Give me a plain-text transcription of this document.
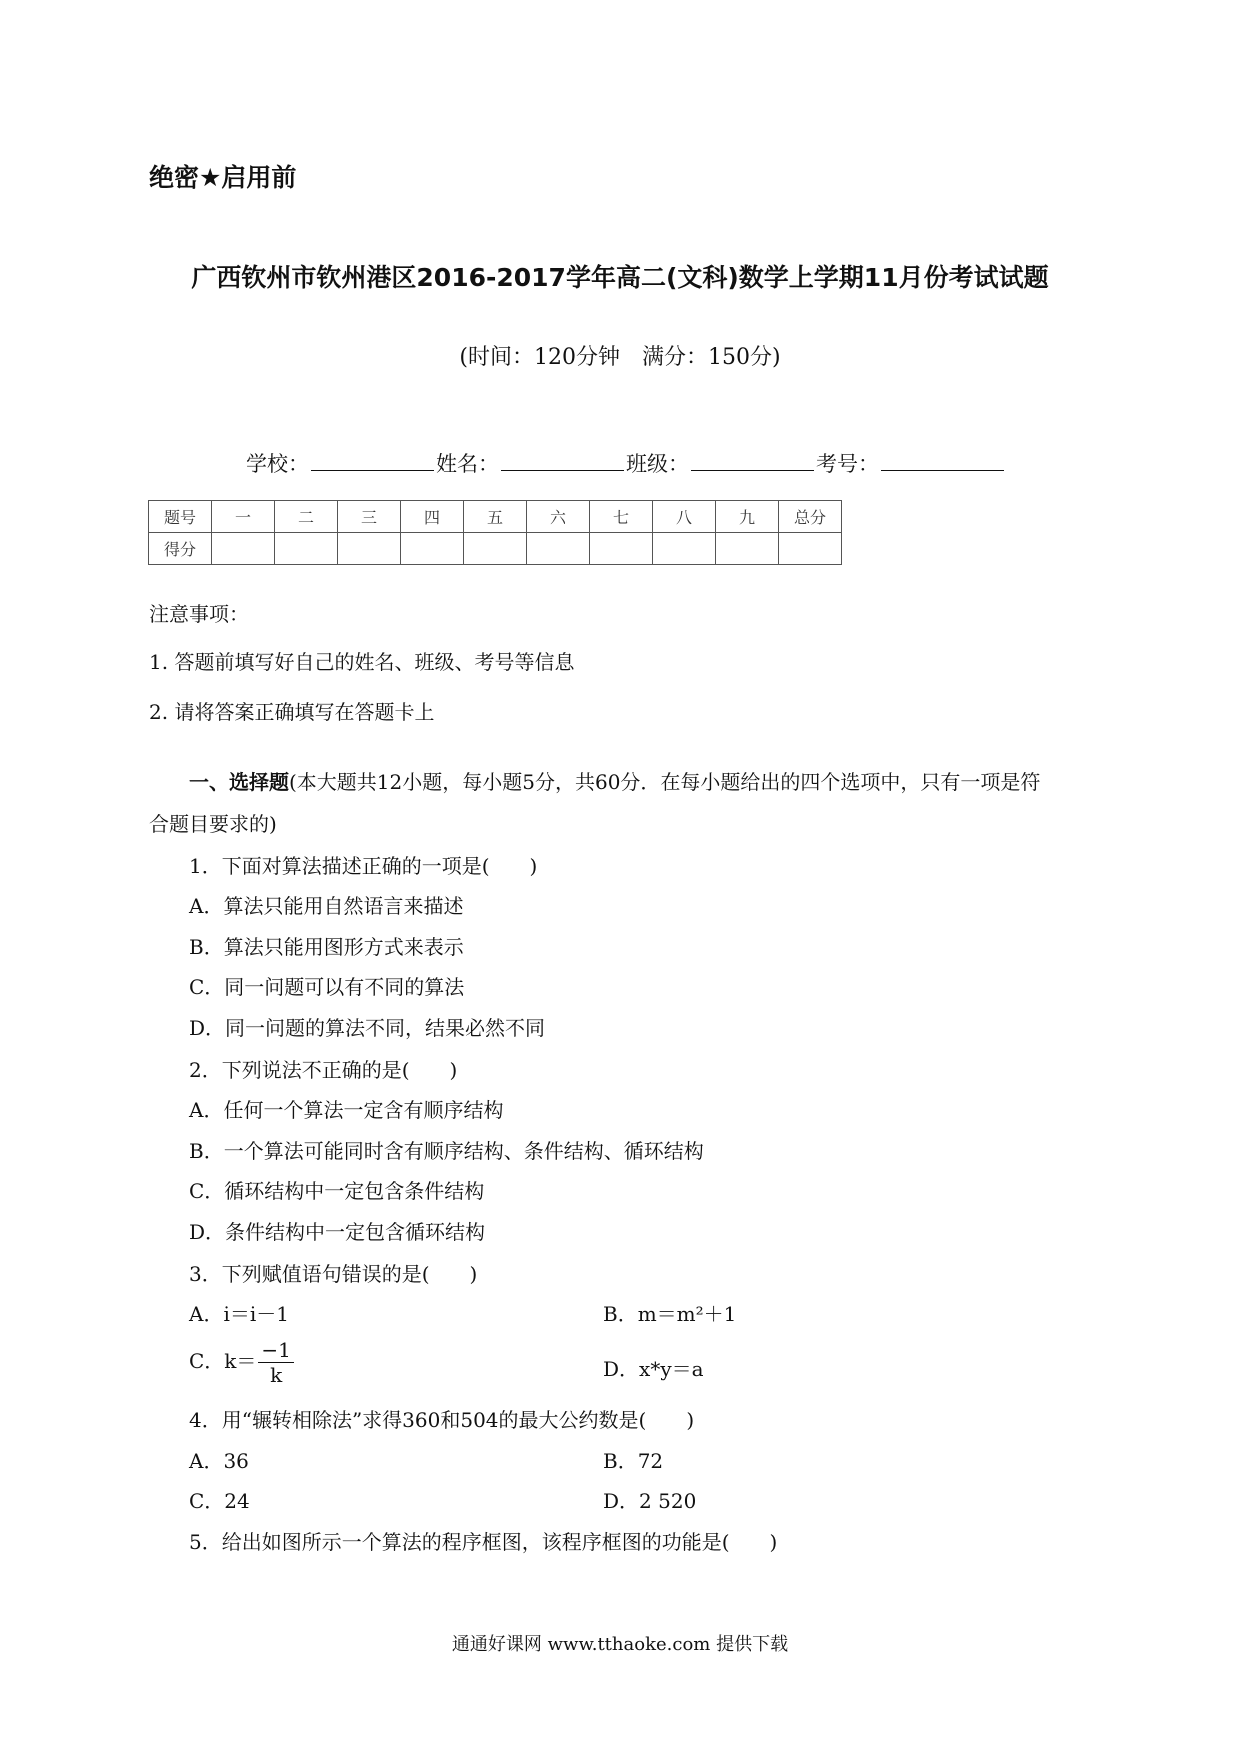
绝密★启用前
广西钦州市钦州港区2016-2017学年高二(文科)数学上学期11月份考试试题
(时间：120分钟　满分：150分)
学校：	姓名：	班级：	考号：
题号	一	二	三	四	五	六	七	八	九	总分
得分										
注意事项：
1. 答题前填写好自己的姓名、班级、考号等信息
2. 请将答案正确填写在答题卡上
一、选择题(本大题共12小题，每小题5分，共60分．在每小题给出的四个选项中，只有一项是符
合题目要求的)
1．下面对算法描述正确的一项是(　　)
A．算法只能用自然语言来描述
B．算法只能用图形方式来表示
C．同一问题可以有不同的算法
D．同一问题的算法不同，结果必然不同
2．下列说法不正确的是(　　)
A．任何一个算法一定含有顺序结构
B．一个算法可能同时含有顺序结构、条件结构、循环结构
C．循环结构中一定包含条件结构
D．条件结构中一定包含循环结构
3．下列赋值语句错误的是(　　)
A．i＝i－1	B．m＝m²＋1
C．$k= \frac{-1}{k}$	D．x*y＝a
4．用“辗转相除法”求得360和504的最大公约数是(　　)
A．36	B．72
C．24	D．2 520
5．给出如图所示一个算法的程序框图，该程序框图的功能是(　　)
通通好课网 www.tthaoke.com 提供下载
